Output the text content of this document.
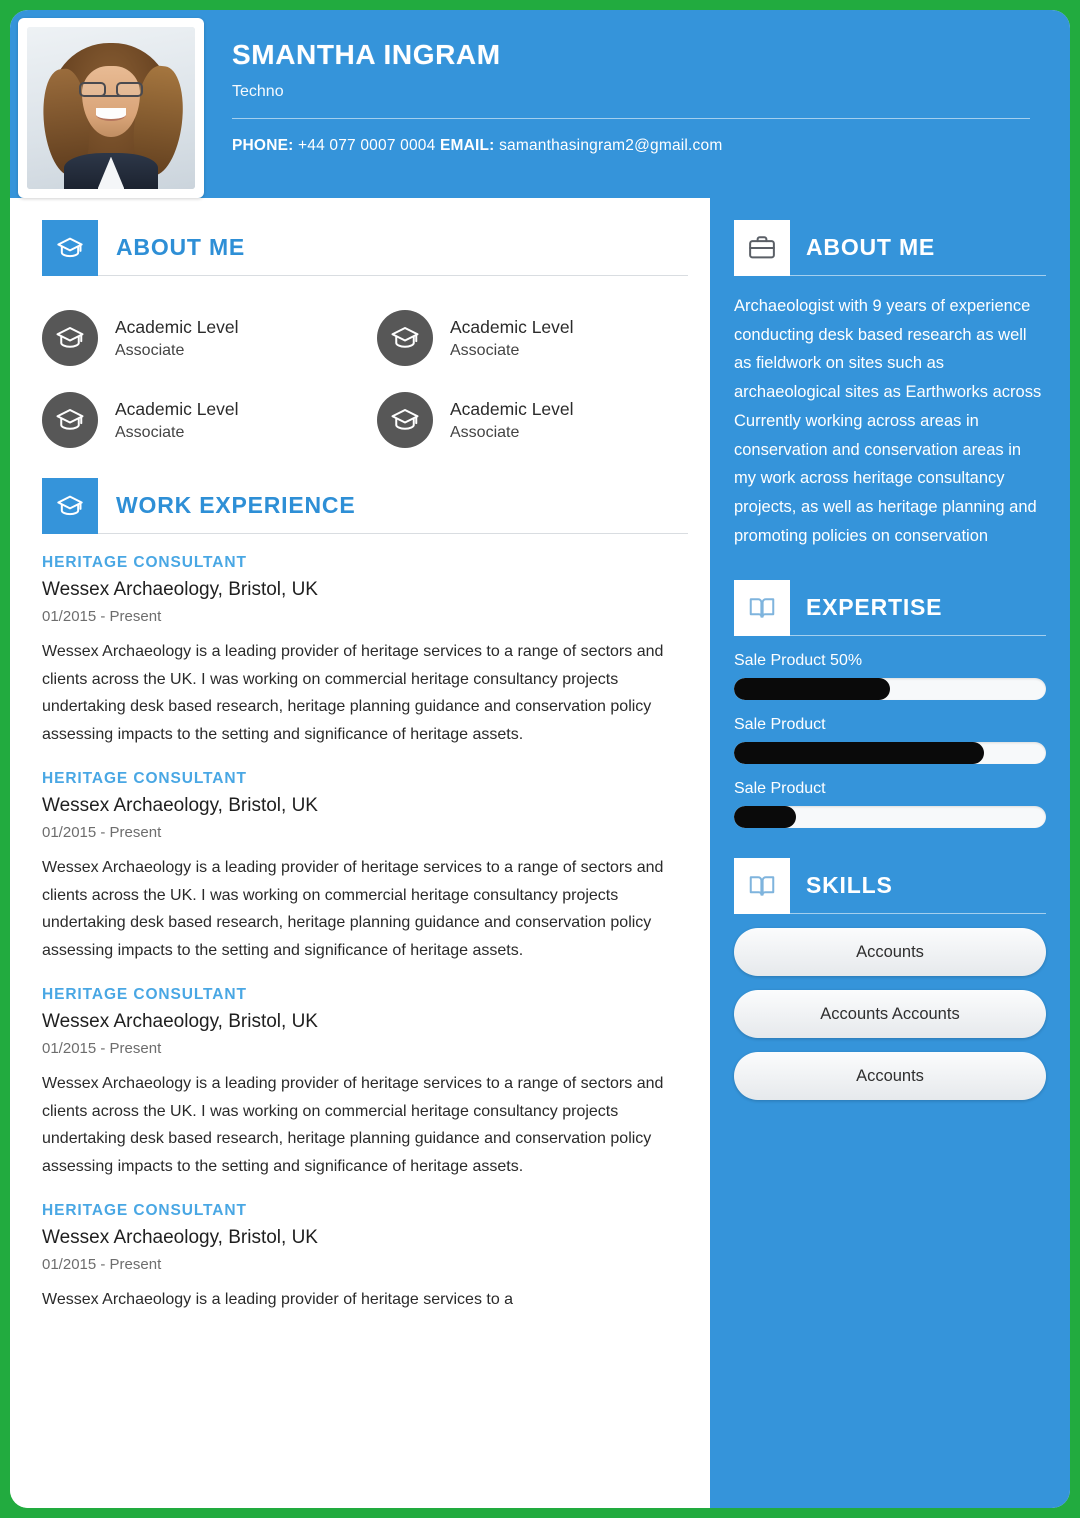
SMANTHA INGRAM
Techno
PHONE: +44 077 0007 0004 EMAIL: samanthasingram2@gmail.com
ABOUT ME
Academic Level
Associate
Academic Level
Associate
Academic Level
Associate
Academic Level
Associate
WORK EXPERIENCE
HERITAGE CONSULTANT
Wessex Archaeology, Bristol, UK
01/2015 - Present
Wessex Archaeology is a leading provider of heritage services to a range of sectors and clients across the UK. I was working on commercial heritage consultancy projects undertaking desk based research, heritage planning guidance and conservation policy assessing impacts to the setting and significance of heritage assets.
HERITAGE CONSULTANT
Wessex Archaeology, Bristol, UK
01/2015 - Present
Wessex Archaeology is a leading provider of heritage services to a range of sectors and clients across the UK. I was working on commercial heritage consultancy projects undertaking desk based research, heritage planning guidance and conservation policy assessing impacts to the setting and significance of heritage assets.
HERITAGE CONSULTANT
Wessex Archaeology, Bristol, UK
01/2015 - Present
Wessex Archaeology is a leading provider of heritage services to a range of sectors and clients across the UK. I was working on commercial heritage consultancy projects undertaking desk based research, heritage planning guidance and conservation policy assessing impacts to the setting and significance of heritage assets.
HERITAGE CONSULTANT
Wessex Archaeology, Bristol, UK
01/2015 - Present
Wessex Archaeology is a leading provider of heritage services to a
ABOUT ME
Archaeologist with 9 years of experience conducting desk based research as well as fieldwork on sites such as archaeological sites as Earthworks across Currently working across areas in conservation and conservation areas in my work across heritage consultancy projects, as well as heritage planning and promoting policies on conservation
EXPERTISE
Sale Product 50%
Sale Product
Sale Product
SKILLS
Accounts
Accounts Accounts
Accounts
